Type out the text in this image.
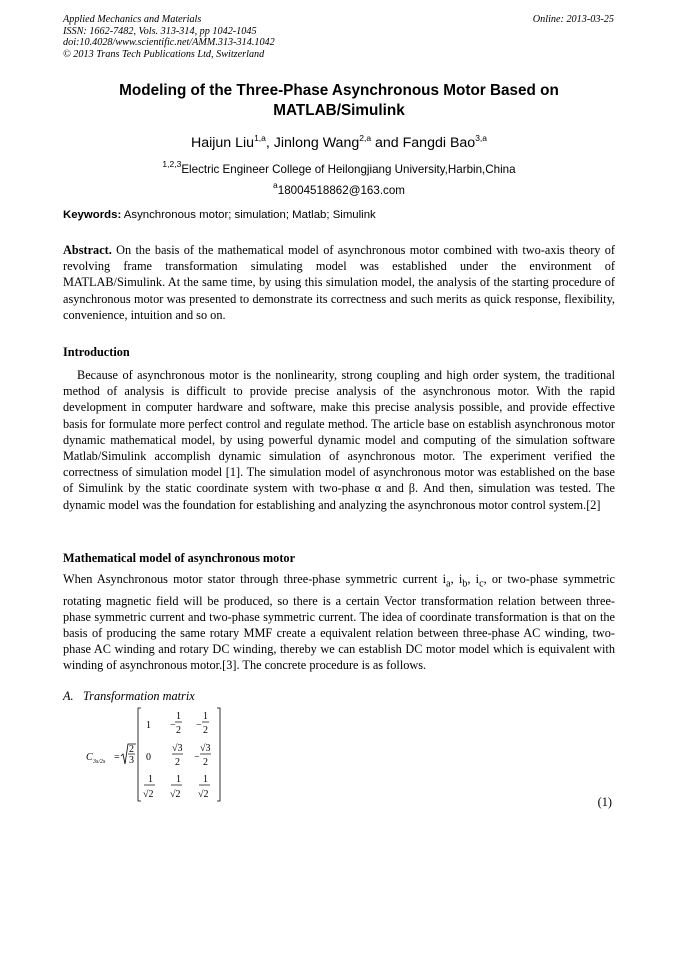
Applied Mechanics and Materials
ISSN: 1662-7482, Vols. 313-314, pp 1042-1045
doi:10.4028/www.scientific.net/AMM.313-314.1042
© 2013 Trans Tech Publications Ltd, Switzerland
Online: 2013-03-25
Modeling of the Three-Phase Asynchronous Motor Based on
MATLAB/Simulink
Haijun Liu$^{1,a}$, Jinlong Wang$^{2,a}$ and Fangdi Bao$^{3,a}$
$^{1,2,3}$Electric Engineer College of Heilongjiang University,Harbin,China
$^a$18004518862@163.com
Keywords: Asynchronous motor; simulation; Matlab; Simulink
Abstract. On the basis of the mathematical model of asynchronous motor combined with two-axis theory of revolving frame transformation simulating model was established under the environment of MATLAB/Simulink. At the same time, by using this simulation model, the analysis of the starting procedure of asynchronous motor was presented to demonstrate its correctness and such merits as quick response, flexibility, convenience, intuition and so on.
Introduction
Because of asynchronous motor is the nonlinearity, strong coupling and high order system, the traditional method of analysis is difficult to provide precise analysis of the asynchronous motor. With the rapid development in computer hardware and software, make this precise analysis possible, and provide effective basis for formulate more perfect control and regulate method. The article base on establish asynchronous motor dynamic mathematical model, by using powerful dynamic model and computing of the simulation software Matlab/Simulink accomplish dynamic simulation of asynchronous motor. The experiment verified the correctness of simulation model [1]. The simulation model of asynchronous motor was established on the base of Simulink by the static coordinate system with two-phase α and β. And then, simulation was tested. The dynamic model was the foundation for establishing and analyzing the asynchronous motor control system.[2]
Mathematical model of asynchronous motor
When Asynchronous motor stator through three-phase symmetric current $i_a$, $i_b$, $i_c$, or two-phase symmetric rotating magnetic field will be produced, so there is a certain Vector transformation relation between three-phase symmetric current and two-phase symmetric current. The idea of coordinate transformation is that on the basis of producing the same rotary MMF create a equivalent relation between three-phase AC winding, two-phase AC winding and rotary DC winding, thereby we can establish DC motor model which is equivalent with winding of asynchronous motor.[3]. The concrete procedure is as follows.
A. Transformation matrix
C 3s/2s =
2
3
1 −
1
2 −
1
2
0
√3
2 −
√3
2
1
√2
1
√2
1
√2
(1)
